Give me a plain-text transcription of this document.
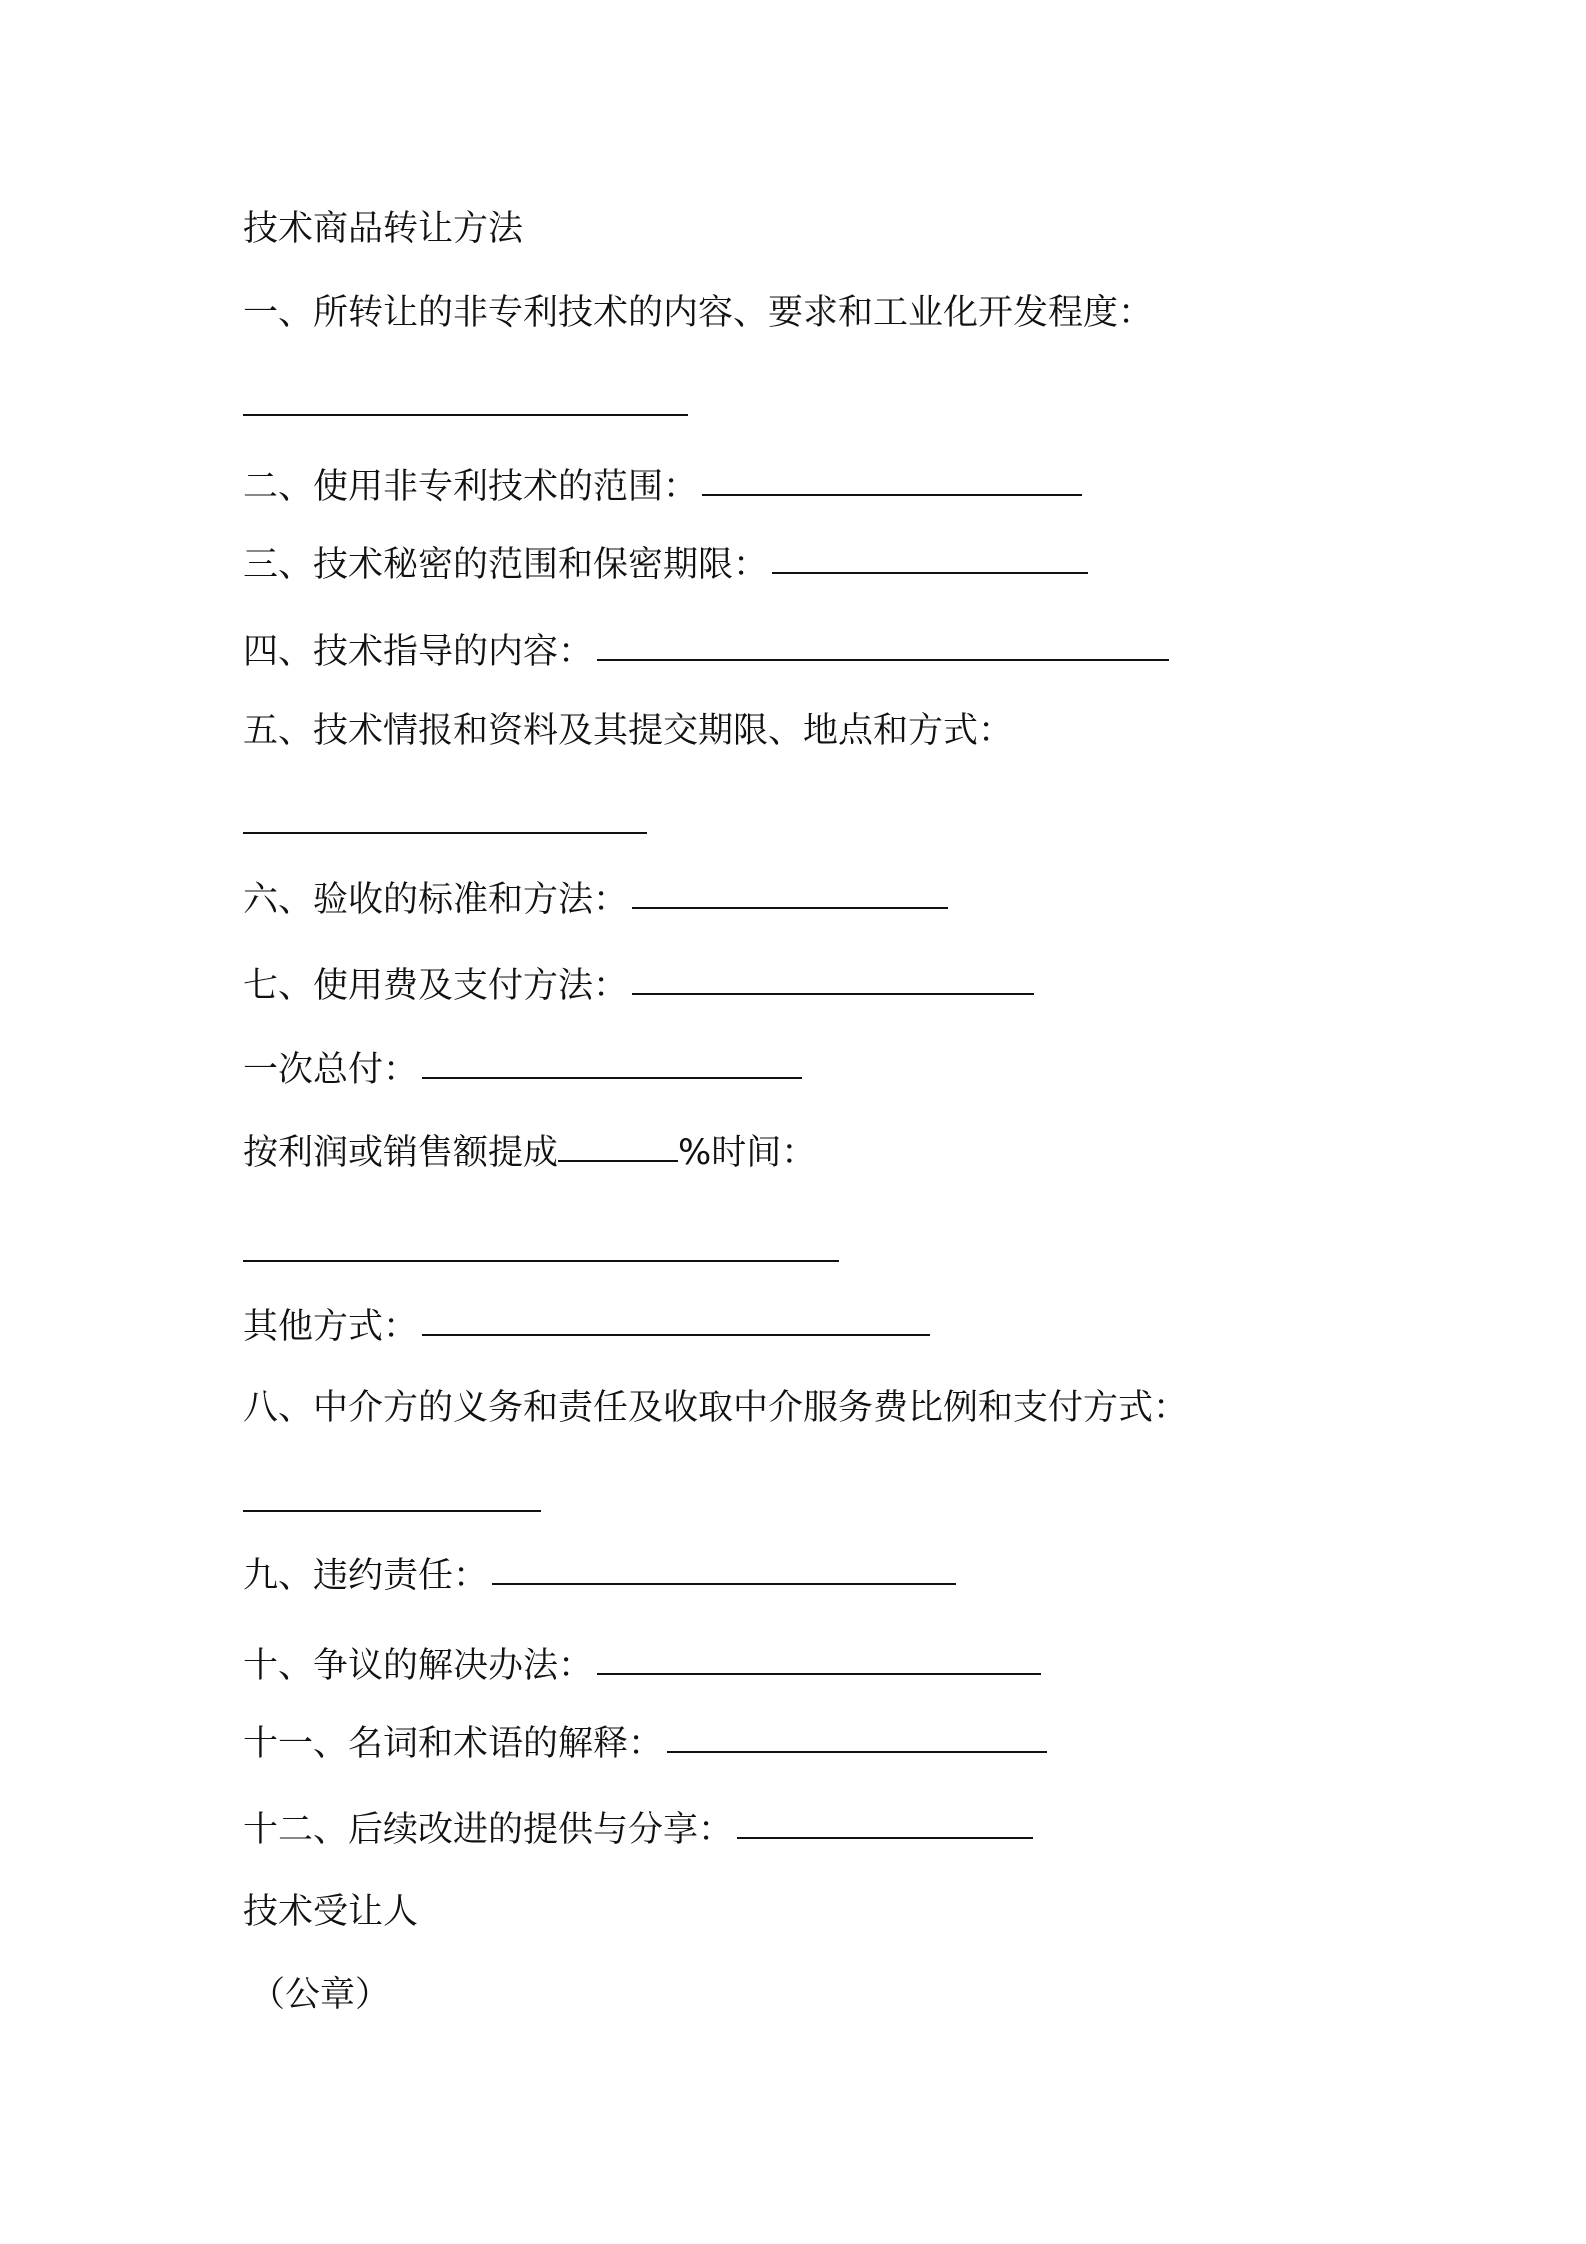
技术商品转让方法
一、所转让的非专利技术的内容、要求和工业化开发程度：
二、使用非专利技术的范围：
三、技术秘密的范围和保密期限：
四、技术指导的内容：
五、技术情报和资料及其提交期限、地点和方式：
六、验收的标准和方法：
七、使用费及支付方法：
一次总付：
按利润或销售额提成	%时间：
其他方式：
八、中介方的义务和责任及收取中介服务费比例和支付方式：
九、违约责任：
十、争议的解决办法：
十一、名词和术语的解释：
十二、后续改进的提供与分享：
技术受让人
（公章）
